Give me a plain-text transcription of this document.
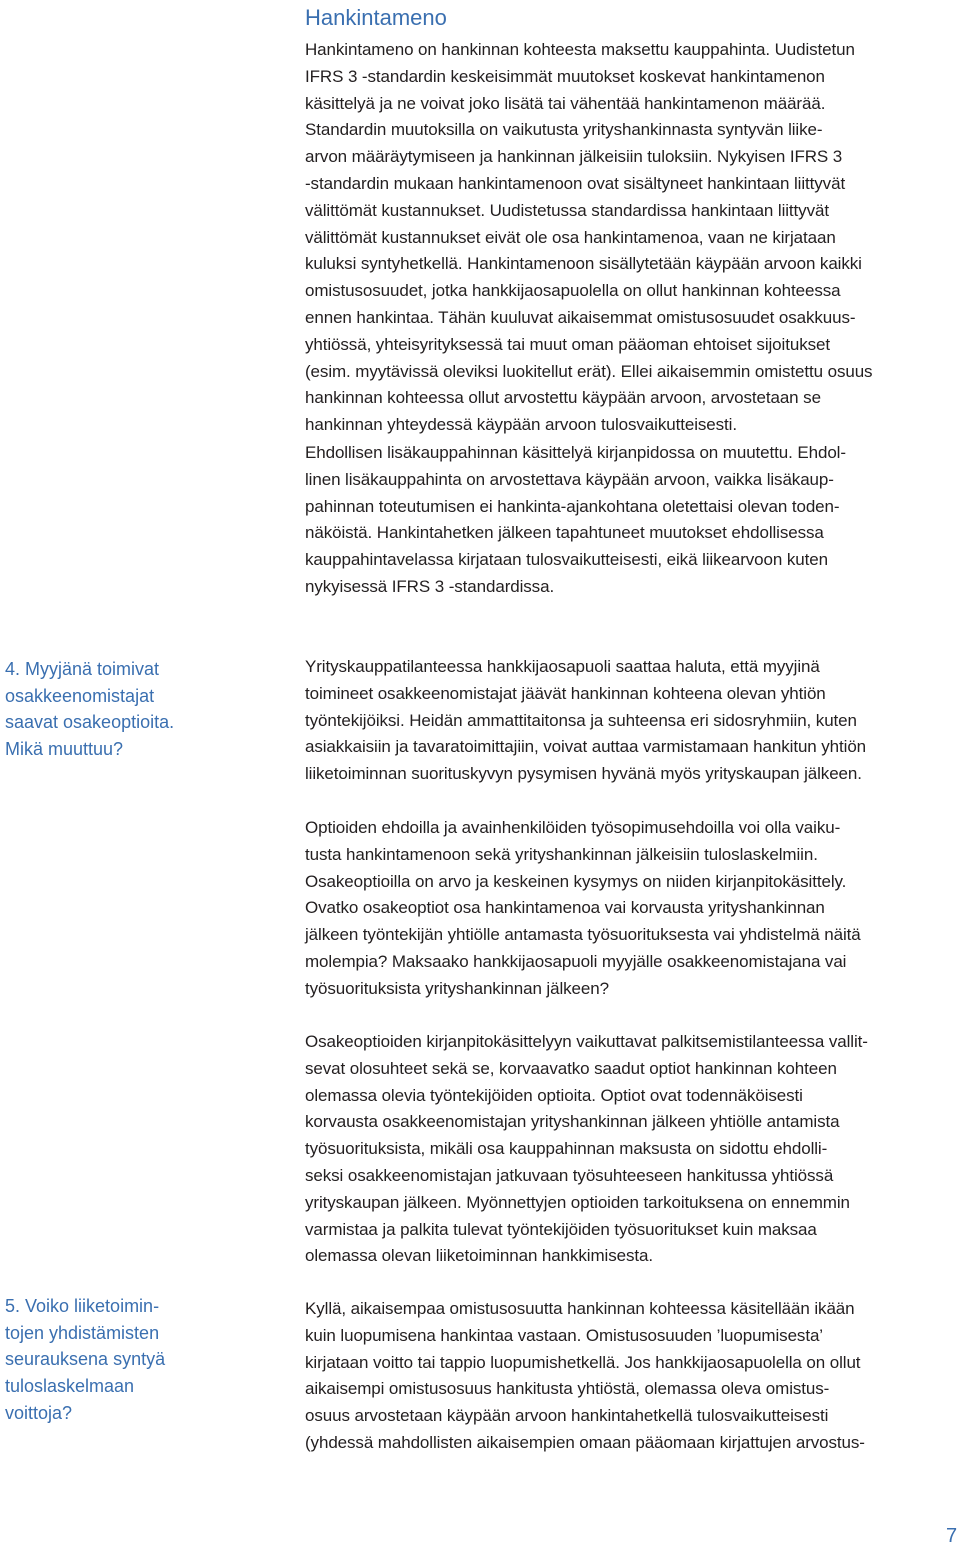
Hankintameno
Hankintameno on hankinnan kohteesta maksettu kauppahinta. Uudistetun
IFRS 3 -standardin keskeisimmät muutokset koskevat hankintamenon
käsittelyä ja ne voivat joko lisätä tai vähentää hankintamenon määrää.
Standardin muutoksilla on vaikutusta yrityshankinnasta syntyvän liike-
arvon määräytymiseen ja hankinnan jälkeisiin tuloksiin. Nykyisen IFRS 3
-standardin mukaan hankintamenoon ovat sisältyneet hankintaan liittyvät
välittömät kustannukset. Uudistetussa standardissa hankintaan liittyvät
välittömät kustannukset eivät ole osa hankintamenoa, vaan ne kirjataan
kuluksi syntyhetkellä. Hankintamenoon sisällytetään käypään arvoon kaikki
omistusosuudet, jotka hankkijaosapuolella on ollut hankinnan kohteessa
ennen hankintaa. Tähän kuuluvat aikaisemmat omistusosuudet osakkuus-
yhtiössä, yhteisyrityksessä tai muut oman pääoman ehtoiset sijoitukset
(esim. myytävissä oleviksi luokitellut erät). Ellei aikaisemmin omistettu osuus
hankinnan kohteessa ollut arvostettu käypään arvoon, arvostetaan se
hankinnan yhteydessä käypään arvoon tulosvaikutteisesti.
Ehdollisen lisäkauppahinnan käsittelyä kirjanpidossa on muutettu. Ehdol-
linen lisäkauppahinta on arvostettava käypään arvoon, vaikka lisäkaup-
pahinnan toteutumisen ei hankinta-ajankohtana oletettaisi olevan toden-
näköistä. Hankintahetken jälkeen tapahtuneet muutokset ehdollisessa
kauppahintavelassa kirjataan tulosvaikutteisesti, eikä liikearvoon kuten
nykyisessä IFRS 3 -standardissa.
4. Myyjänä toimivat
osakkeenomistajat
saavat osakeoptioita.
Mikä muuttuu?
Yrityskauppatilanteessa hankkijaosapuoli saattaa haluta, että myyjinä
toimineet osakkeenomistajat jäävät hankinnan kohteena olevan yhtiön
työntekijöiksi. Heidän ammattitaitonsa ja suhteensa eri sidosryhmiin, kuten
asiakkaisiin ja tavaratoimittajiin, voivat auttaa varmistamaan hankitun yhtiön
liiketoiminnan suorituskyvyn pysymisen hyvänä myös yrityskaupan jälkeen.
Optioiden ehdoilla ja avainhenkilöiden työsopimusehdoilla voi olla vaiku-
tusta hankintamenoon sekä yrityshankinnan jälkeisiin tuloslaskelmiin.
Osakeoptioilla on arvo ja keskeinen kysymys on niiden kirjanpitokäsittely.
Ovatko osakeoptiot osa hankintamenoa vai korvausta yrityshankinnan
jälkeen työntekijän yhtiölle antamasta työsuorituksesta vai yhdistelmä näitä
molempia? Maksaako hankkijaosapuoli myyjälle osakkeenomistajana vai
työsuorituksista yrityshankinnan jälkeen?
Osakeoptioiden kirjanpitokäsittelyyn vaikuttavat palkitsemistilanteessa vallit-
sevat olosuhteet sekä se, korvaavatko saadut optiot hankinnan kohteen
olemassa olevia työntekijöiden optioita. Optiot ovat todennäköisesti
korvausta osakkeenomistajan yrityshankinnan jälkeen yhtiölle antamista
työsuorituksista, mikäli osa kauppahinnan maksusta on sidottu ehdolli-
seksi osakkeenomistajan jatkuvaan työsuhteeseen hankitussa yhtiössä
yrityskaupan jälkeen. Myönnettyjen optioiden tarkoituksena on ennemmin
varmistaa ja palkita tulevat työntekijöiden työsuoritukset kuin maksaa
olemassa olevan liiketoiminnan hankkimisesta.
5. Voiko liiketoimin-
tojen yhdistämisten
seurauksena syntyä
tuloslaskelmaan
voittoja?
Kyllä, aikaisempaa omistusosuutta hankinnan kohteessa käsitellään ikään
kuin luopumisena hankintaa vastaan. Omistusosuuden ’luopumisesta’
kirjataan voitto tai tappio luopumishetkellä. Jos hankkijaosapuolella on ollut
aikaisempi omistusosuus hankitusta yhtiöstä, olemassa oleva omistus-
osuus arvostetaan käypään arvoon hankintahetkellä tulosvaikutteisesti
(yhdessä mahdollisten aikaisempien omaan pääomaan kirjattujen arvostus-

7
